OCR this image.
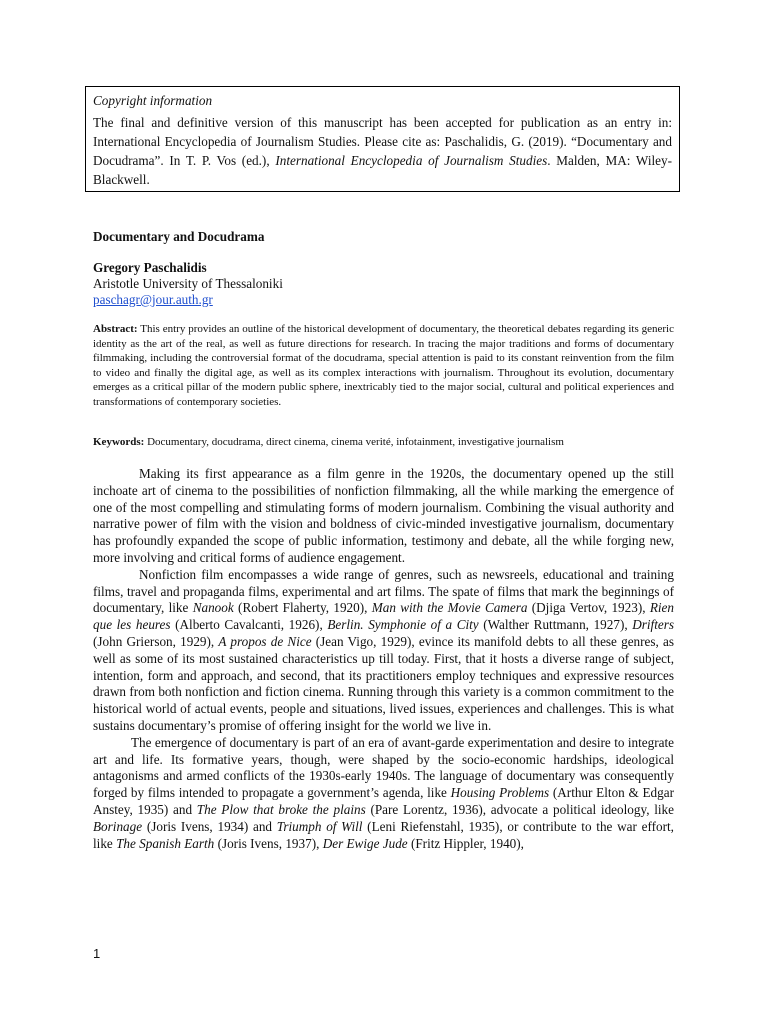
Copyright information

The final and definitive version of this manuscript has been accepted for publication as an entry in: International Encyclopedia of Journalism Studies. Please cite as: Paschalidis, G. (2019). “Documentary and Docudrama”. In T. P. Vos (ed.), International Encyclopedia of Journalism Studies. Malden, MA: Wiley-Blackwell.

Documentary and Docudrama
Gregory Paschalidis
Aristotle University of Thessaloniki
paschagr@jour.auth.gr

Abstract: This entry provides an outline of the historical development of documentary, the theoretical debates regarding its generic identity as the art of the real, as well as future directions for research. In tracing the major traditions and forms of documentary filmmaking, including the controversial format of the docudrama, special attention is paid to its constant reinvention from the film to video and finally the digital age, as well as its complex interactions with journalism. Throughout its evolution, documentary emerges as a critical pillar of the modern public sphere, inextricably tied to the major social, cultural and political experiences and transformations of contemporary societies.

Keywords: Documentary, docudrama, direct cinema, cinema verité, infotainment, investigative journalism

Making its first appearance as a film genre in the 1920s, the documentary opened up the still inchoate art of cinema to the possibilities of nonfiction filmmaking, all the while marking the emergence of one of the most compelling and stimulating forms of modern journalism. Combining the visual authority and narrative power of film with the vision and boldness of civic-minded investigative journalism, documentary has profoundly expanded the scope of public information, testimony and debate, all the while forging new, more involving and critical forms of audience engagement.

Nonfiction film encompasses a wide range of genres, such as newsreels, educational and training films, travel and propaganda films, experimental and art films. The spate of films that mark the beginnings of documentary, like Nanook (Robert Flaherty, 1920), Man with the Movie Camera (Djiga Vertov, 1923), Rien que les heures (Alberto Cavalcanti, 1926), Berlin. Symphonie of a City (Walther Ruttmann, 1927), Drifters (John Grierson, 1929), A propos de Nice (Jean Vigo, 1929), evince its manifold debts to all these genres, as well as some of its most sustained characteristics up till today. First, that it hosts a diverse range of subject, intention, form and approach, and second, that its practitioners employ techniques and expressive resources drawn from both nonfiction and fiction cinema. Running through this variety is a common commitment to the historical world of actual events, people and situations, lived issues, experiences and challenges. This is what sustains documentary’s promise of offering insight for the world we live in.

The emergence of documentary is part of an era of avant-garde experimentation and desire to integrate art and life. Its formative years, though, were shaped by the socio-economic hardships, ideological antagonisms and armed conflicts of the 1930s-early 1940s. The language of documentary was consequently forged by films intended to propagate a government’s agenda, like Housing Problems (Arthur Elton & Edgar Anstey, 1935) and The Plow that broke the plains (Pare Lorentz, 1936), advocate a political ideology, like Borinage (Joris Ivens, 1934) and Triumph of Will (Leni Riefenstahl, 1935), or contribute to the war effort, like The Spanish Earth (Joris Ivens, 1937), Der Ewige Jude (Fritz Hippler, 1940),

1
